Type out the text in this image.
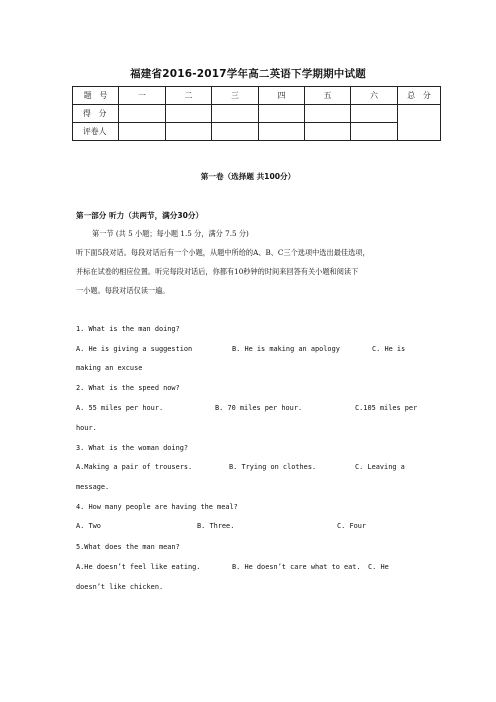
福建省2016-2017学年高二英语下学期期中试题
题　号	一	二	三	四	五	六	总　分
得　分							
评卷人							
第一卷（选择题 共100分）
第一部分 听力（共两节，满分30分）
第一节 (共 5 小题；每小题 1.5 分，满分 7.5 分)
听下面5段对话。每段对话后有一个小题，从题中所给的A、B、C三个选项中选出最佳选项，
并标在试卷的相应位置。听完每段对话后，你都有10秒钟的时间来回答有关小题和阅读下
一小题。每段对话仅读一遍。
1. What is the man doing?
A. He is giving a suggestion	B. He is making an apology	C. He is
making an excuse
2. What is the speed now?
A. 55 miles per hour.	B. 70 miles per hour.	C.105 miles per
hour.
3. What is the woman doing?
A.Making a pair of trousers.	B. Trying on clothes.	C. Leaving a
message.
4. How many people are having the meal?
A. Two	B. Three.	C. Four
5.What does the man mean?
A.He doesn’t feel like eating.	B. He doesn’t care what to eat. C. He
doesn’t like chicken.
